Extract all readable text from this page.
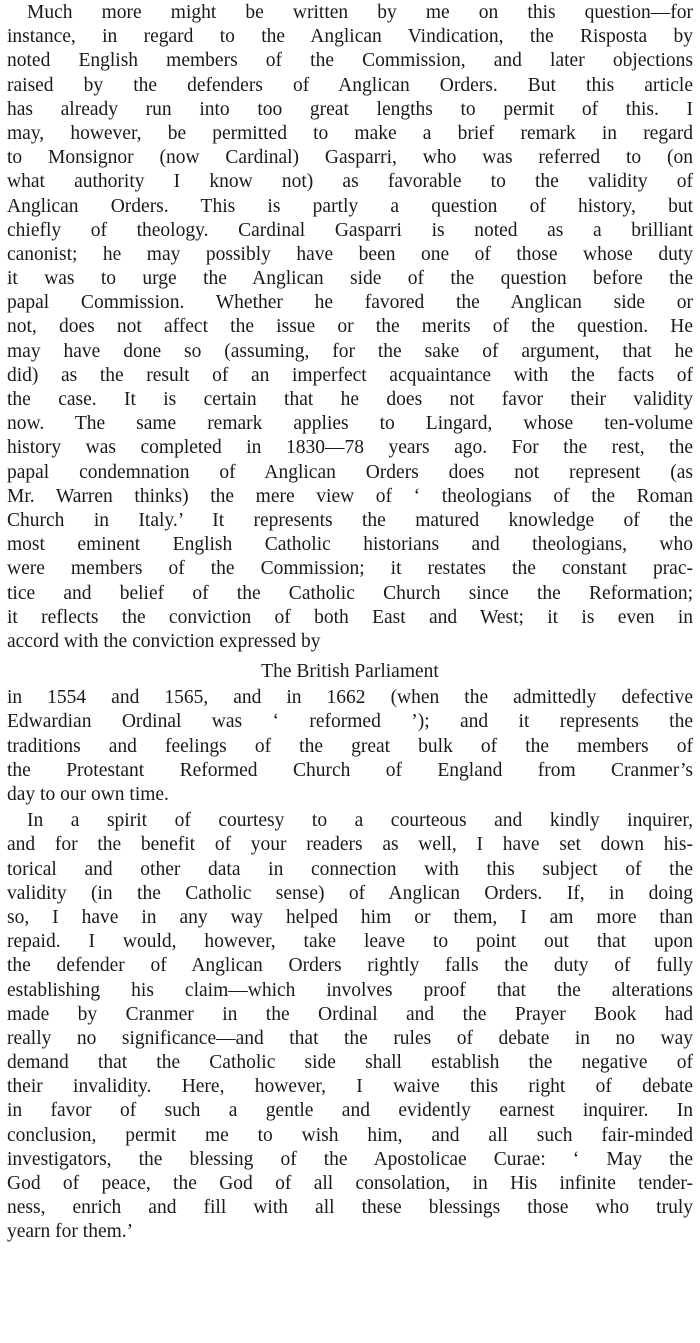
Much more might be written by me on this question—for
instance, in regard to the Anglican Vindication, the Risposta by
noted English members of the Commission, and later objections
raised by the defenders of Anglican Orders. But this article
has already run into too great lengths to permit of this. I
may, however, be permitted to make a brief remark in regard
to Monsignor (now Cardinal) Gasparri, who was referred to (on
what authority I know not) as favorable to the validity of
Anglican Orders. This is partly a question of history, but
chiefly of theology. Cardinal Gasparri is noted as a brilliant
canonist; he may possibly have been one of those whose duty
it was to urge the Anglican side of the question before the
papal Commission. Whether he favored the Anglican side or
not, does not affect the issue or the merits of the question. He
may have done so (assuming, for the sake of argument, that he
did) as the result of an imperfect acquaintance with the facts of
the case. It is certain that he does not favor their validity
now. The same remark applies to Lingard, whose ten-volume
history was completed in 1830—78 years ago. For the rest, the
papal condemnation of Anglican Orders does not represent (as
Mr. Warren thinks) the mere view of ‘ theologians of the Roman
Church in Italy.’ It represents the matured knowledge of the
most eminent English Catholic historians and theologians, who
were members of the Commission; it restates the constant prac-
tice and belief of the Catholic Church since the Reformation;
it reflects the conviction of both East and West; it is even in
accord with the conviction expressed by
The British Parliament
in 1554 and 1565, and in 1662 (when the admittedly defective
Edwardian Ordinal was ‘ reformed ’); and it represents the
traditions and feelings of the great bulk of the members of
the Protestant Reformed Church of England from Cranmer’s
day to our own time.
In a spirit of courtesy to a courteous and kindly inquirer,
and for the benefit of your readers as well, I have set down his-
torical and other data in connection with this subject of the
validity (in the Catholic sense) of Anglican Orders. If, in doing
so, I have in any way helped him or them, I am more than
repaid. I would, however, take leave to point out that upon
the defender of Anglican Orders rightly falls the duty of fully
establishing his claim—which involves proof that the alterations
made by Cranmer in the Ordinal and the Prayer Book had
really no significance—and that the rules of debate in no way
demand that the Catholic side shall establish the negative of
their invalidity. Here, however, I waive this right of debate
in favor of such a gentle and evidently earnest inquirer. In
conclusion, permit me to wish him, and all such fair-minded
investigators, the blessing of the Apostolicae Curae: ‘ May the
God of peace, the God of all consolation, in His infinite tender-
ness, enrich and fill with all these blessings those who truly
yearn for them.’
